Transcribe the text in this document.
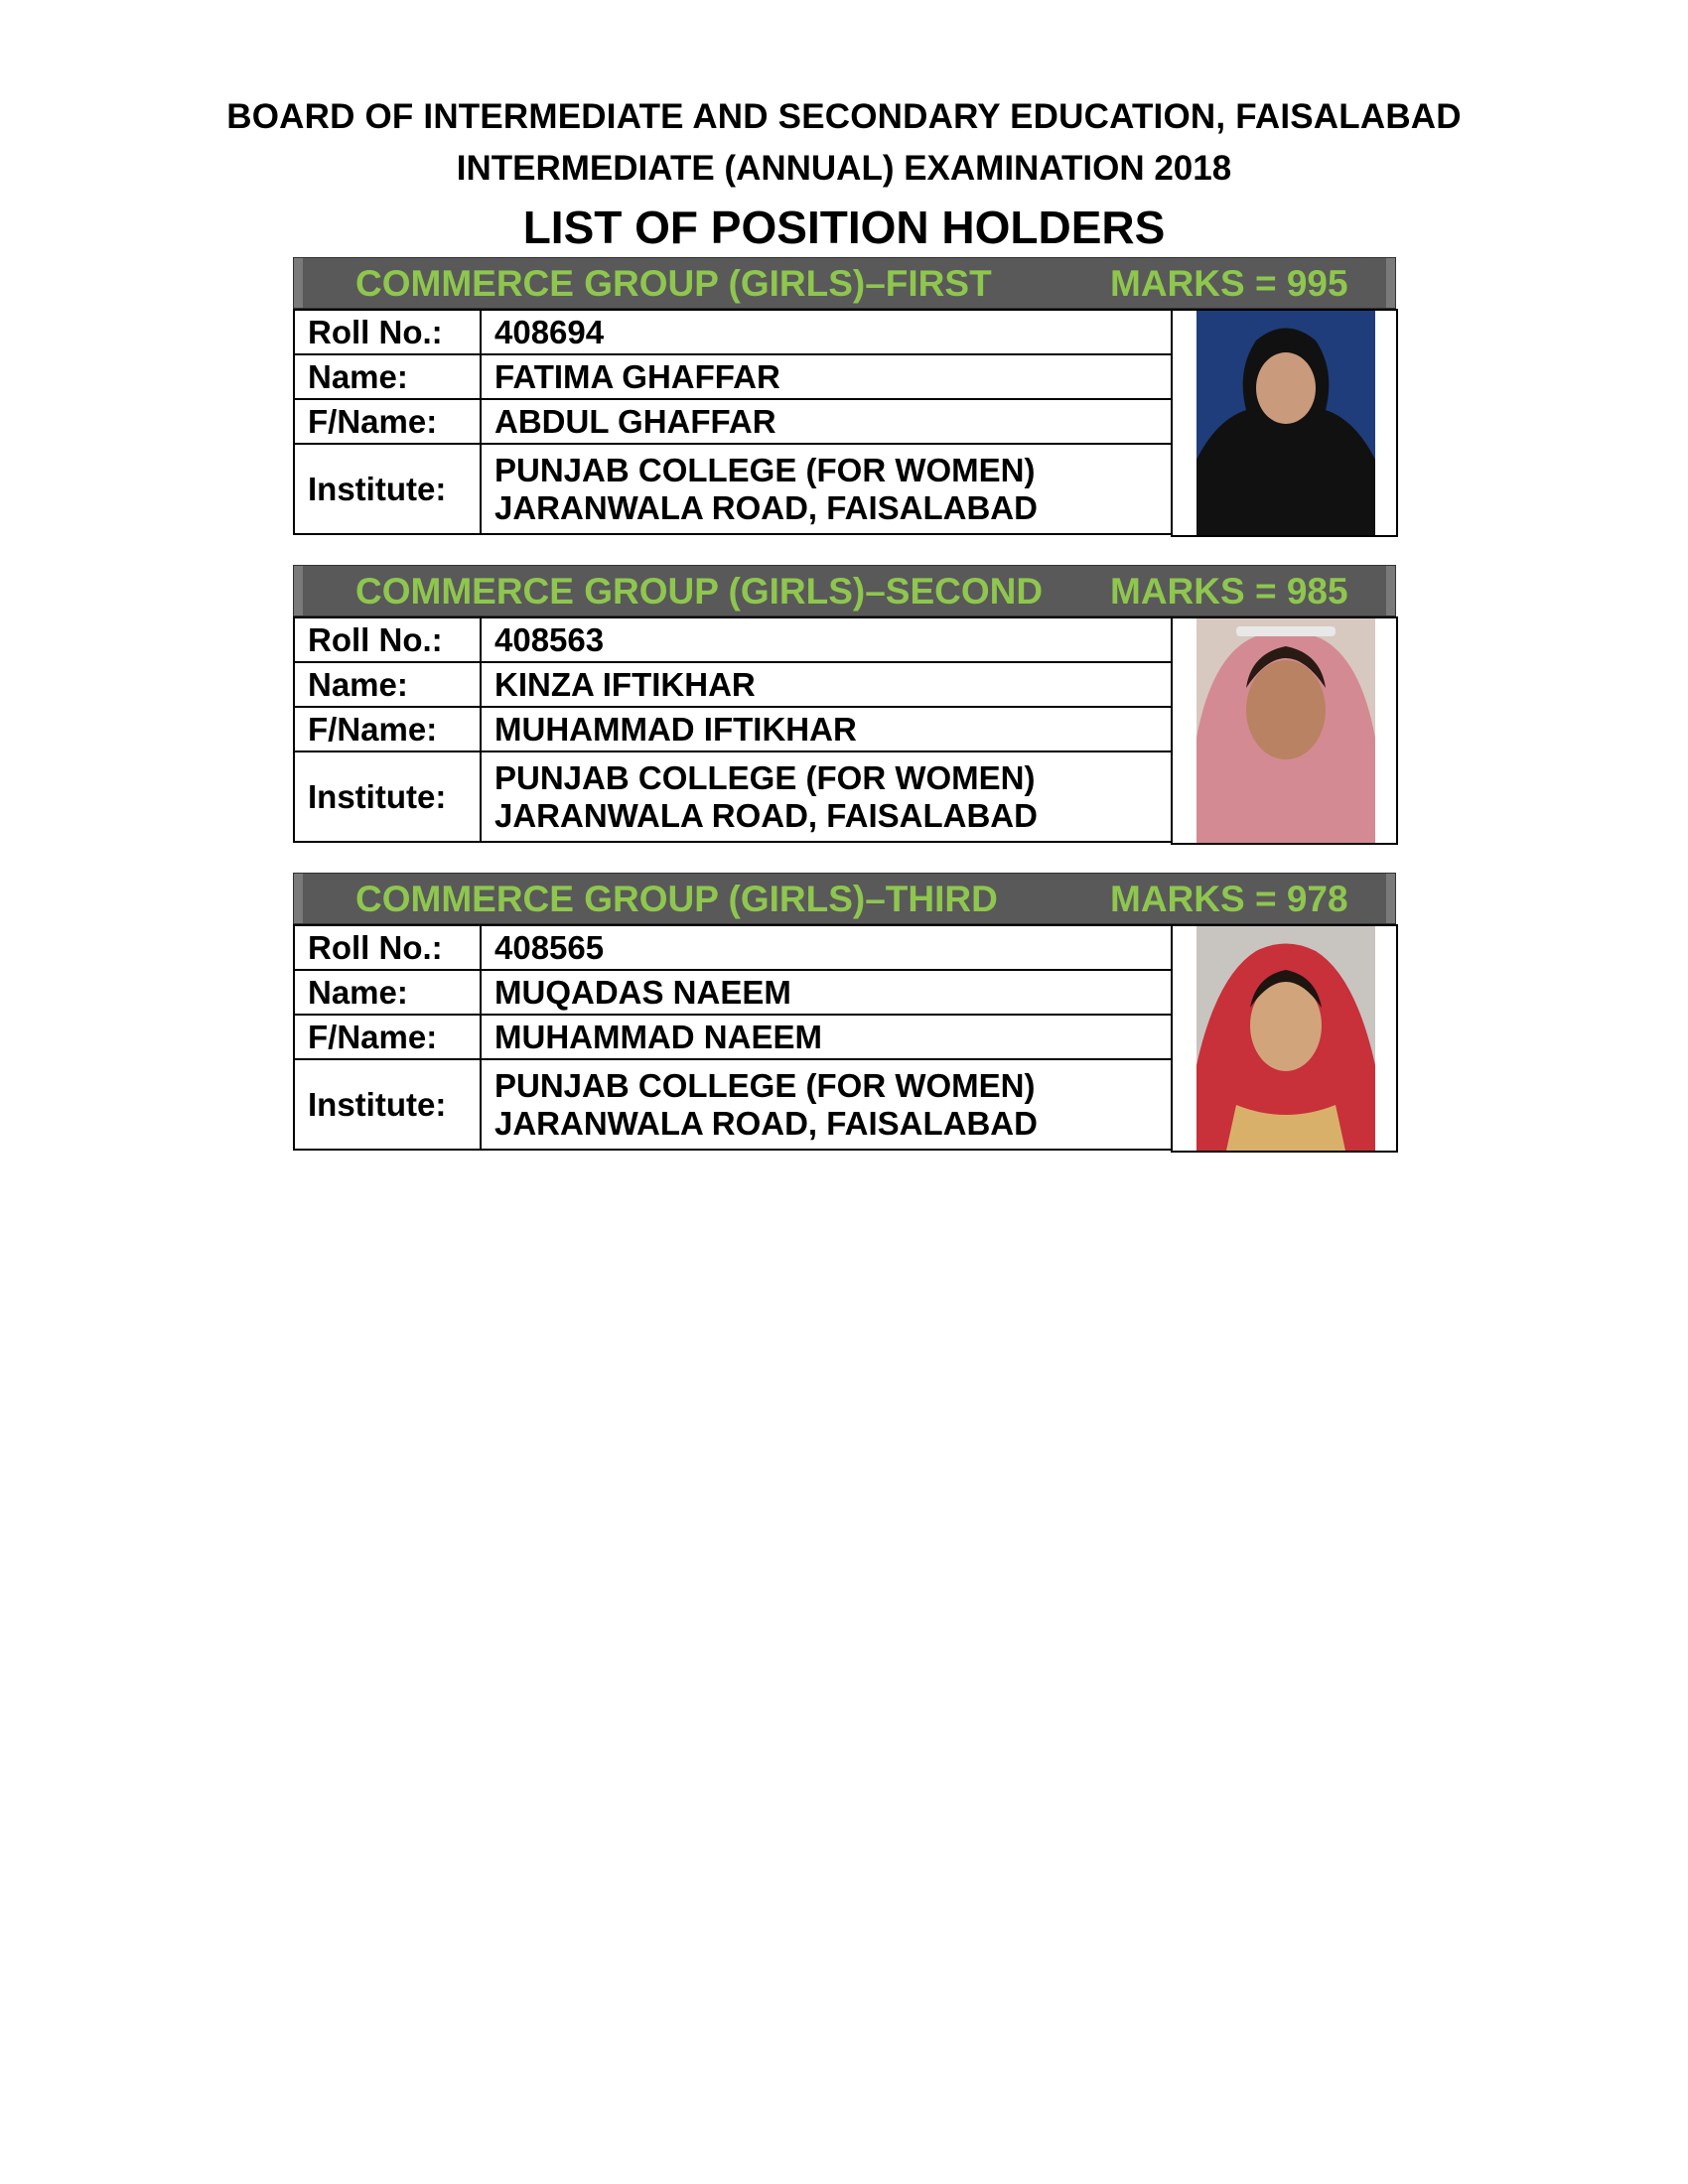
BOARD OF INTERMEDIATE AND SECONDARY EDUCATION, FAISALABAD
INTERMEDIATE (ANNUAL) EXAMINATION 2018
LIST OF POSITION HOLDERS
COMMERCE GROUP (GIRLS)–FIRST	MARKS = 995
Roll No.:	408694
Name:	FATIMA GHAFFAR
F/Name:	ABDUL GHAFFAR
Institute:	PUNJAB COLLEGE (FOR WOMEN)
JARANWALA ROAD, FAISALABAD
COMMERCE GROUP (GIRLS)–SECOND MARKS = 985
Roll No.:	408563
Name:	KINZA IFTIKHAR
F/Name:	MUHAMMAD IFTIKHAR
Institute:	PUNJAB COLLEGE (FOR WOMEN)
JARANWALA ROAD, FAISALABAD
COMMERCE GROUP (GIRLS)–THIRD	MARKS = 978
Roll No.:	408565
Name:	MUQADAS NAEEM
F/Name:	MUHAMMAD NAEEM
Institute:	PUNJAB COLLEGE (FOR WOMEN)
JARANWALA ROAD, FAISALABAD
